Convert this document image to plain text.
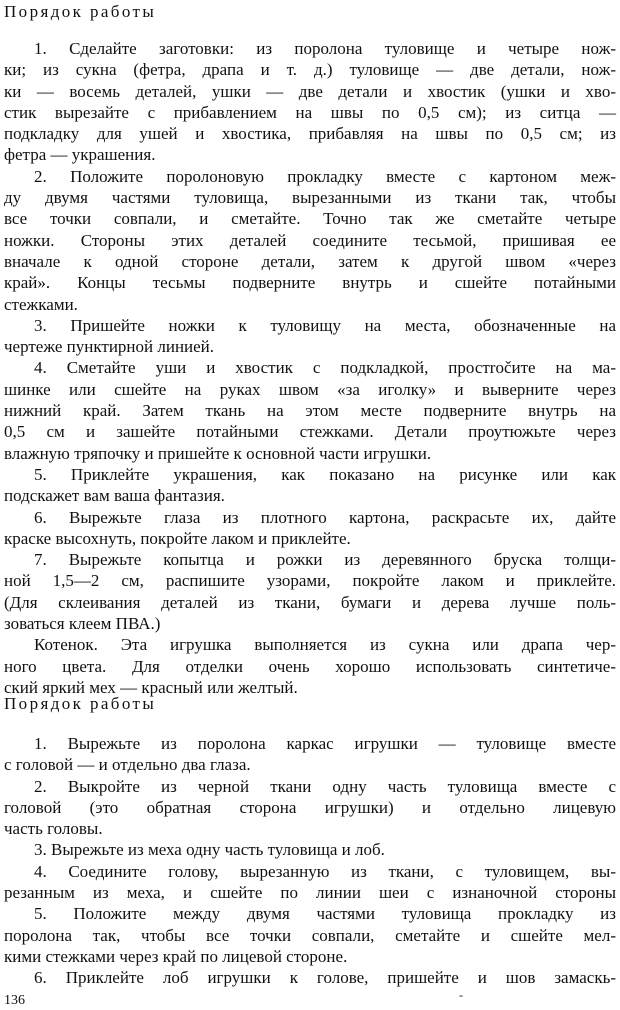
Порядок работы
1. Сделайте заготовки: из поролона туловище и четыре нож-
ки; из сукна (фетра, драпа и т. д.) туловище — две детали, нож-
ки — восемь деталей, ушки — две детали и хвостик (ушки и хво-
стик вырезайте с прибавлением на швы по 0,5 см); из ситца —
подкладку для ушей и хвостика, прибавляя на швы по 0,5 см; из
фетра — украшения.
2. Положите поролоновую прокладку вместе с картоном меж-
ду двумя частями туловища, вырезанными из ткани так, чтобы
все точки совпали, и сметайте. Точно так же сметайте четыре
ножки. Стороны этих деталей соедините тесьмой, пришивая ее
вначале к одной стороне детали, затем к другой швом «через
край». Концы тесьмы подверните внутрь и сшейте потайными
стежками.
3. Пришейте ножки к туловищу на места, обозначенные на
чертеже пунктирной линией.
4. Сметайте уши и хвостик с подкладкой, простročите на ма-
шинке или сшейте на руках швом «за иголку» и выверните через
нижний край. Затем ткань на этом месте подверните внутрь на
0,5 см и зашейте потайными стежками. Детали проутюжьте через
влажную тряпочку и пришейте к основной части игрушки.
5. Приклейте украшения, как показано на рисунке или как
подскажет вам ваша фантазия.
6. Вырежьте глаза из плотного картона, раскрасьте их, дайте
краске высохнуть, покройте лаком и приклейте.
7. Вырежьте копытца и рожки из деревянного бруска толщи-
ной 1,5—2 см, распишите узорами, покройте лаком и приклейте.
(Для склеивания деталей из ткани, бумаги и дерева лучше поль-
зоваться клеем ПВА.)
Котенок. Эта игрушка выполняется из сукна или драпа чер-
ного цвета. Для отделки очень хорошо использовать синтетиче-
ский яркий мех — красный или желтый.
Порядок работы
1. Вырежьте из поролона каркас игрушки — туловище вместе
с головой — и отдельно два глаза.
2. Выкройте из черной ткани одну часть туловища вместе с
головой (это обратная сторона игрушки) и отдельно лицевую
часть головы.
3. Вырежьте из меха одну часть туловища и лоб.
4. Соедините голову, вырезанную из ткани, с туловищем, вы-
резанным из меха, и сшейте по линии шеи с изнаночной стороны
5. Положите между двумя частями туловища прокладку из
поролона так, чтобы все точки совпали, сметайте и сшейте мел-
кими стежками через край по лицевой стороне.
6. Приклейте лоб игрушки к голове, пришейте и шов замаскь-
-
136
